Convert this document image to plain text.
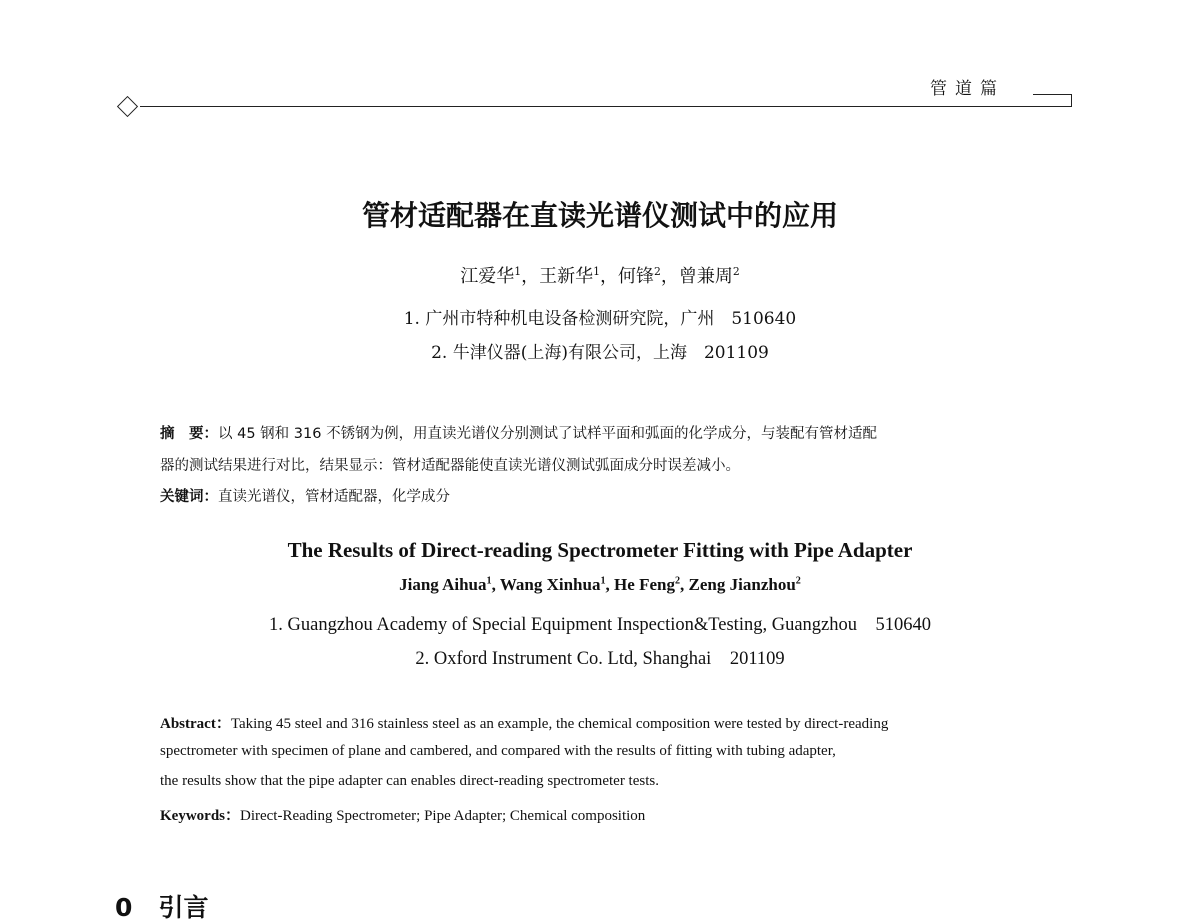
管道篇
管材适配器在直读光谱仪测试中的应用
江爱华$^1$，王新华$^1$，何锋$^2$，曾兼周$^2$
1. 广州市特种机电设备检测研究院，广州　510640
2. 牛津仪器(上海)有限公司，上海　201109
摘　要：以 45 钢和 316 不锈钢为例，用直读光谱仪分别测试了试样平面和弧面的化学成分，与装配有管材适配
器的测试结果进行对比，结果显示：管材适配器能使直读光谱仪测试弧面成分时误差减小。
关键词：直读光谱仪，管材适配器，化学成分
The Results of Direct-reading Spectrometer Fitting with Pipe Adapter
Jiang Aihua$^1$, Wang Xinhua$^1$, He Feng$^2$, Zeng Jianzhou$^2$
1. Guangzhou Academy of Special Equipment Inspection&Testing, Guangzhou　510640
2. Oxford Instrument Co. Ltd, Shanghai　201109
Abstract：Taking 45 steel and 316 stainless steel as an example, the chemical composition were tested by direct-reading
spectrometer with specimen of plane and cambered, and compared with the results of fitting with tubing adapter,
the results show that the pipe adapter can enables direct-reading spectrometer tests.
Keywords：Direct-Reading Spectrometer; Pipe Adapter; Chemical composition
0 引言
